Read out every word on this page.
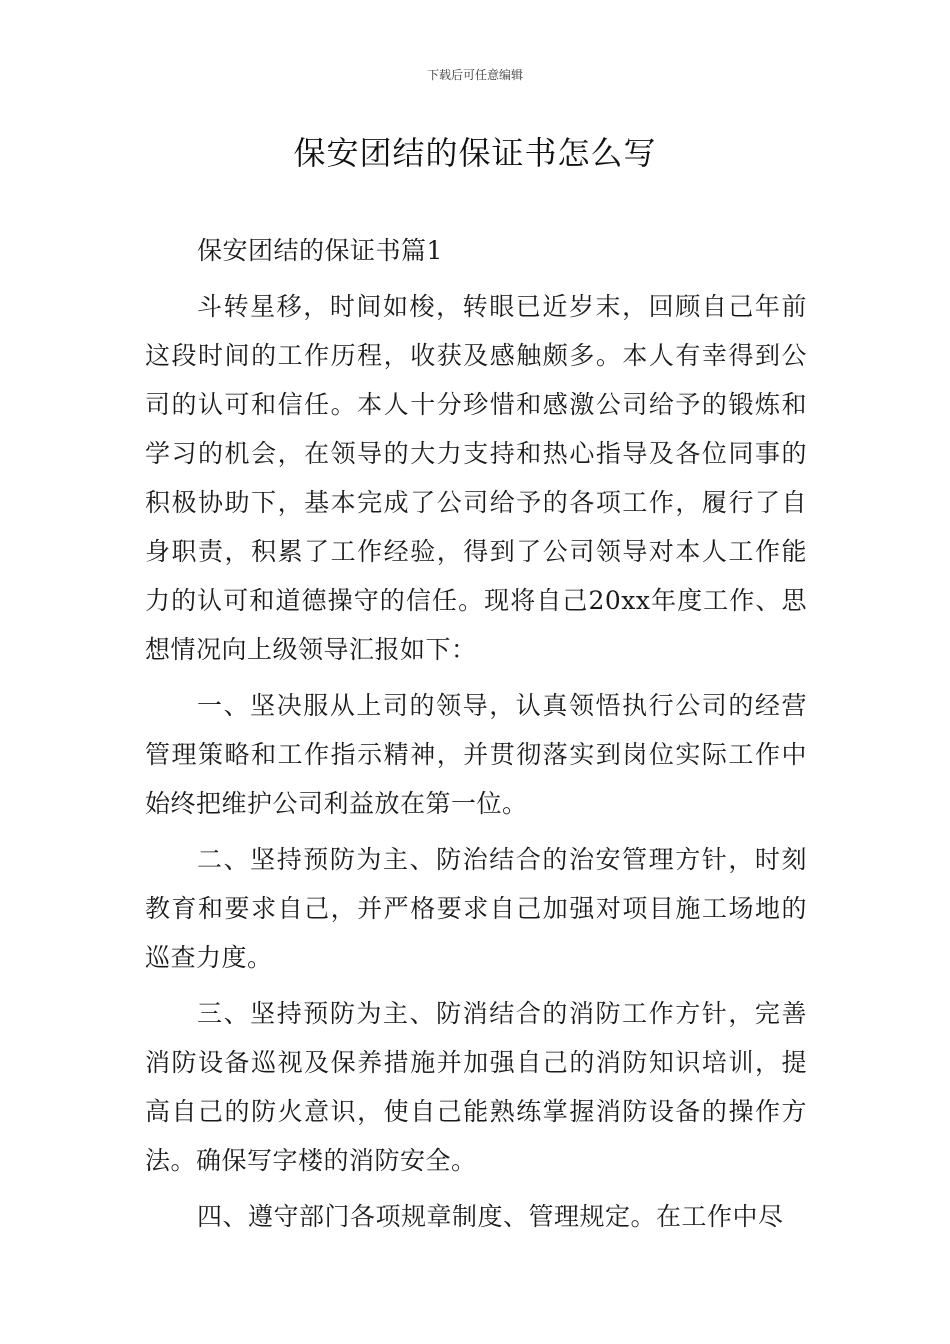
下载后可任意编辑
保安团结的保证书怎么写

保安团结的保证书篇1

斗转星移，时间如梭，转眼已近岁末，回顾自己年前这段时间的工作历程，收获及感触颇多。本人有幸得到公司的认可和信任。本人十分珍惜和感激公司给予的锻炼和学习的机会，在领导的大力支持和热心指导及各位同事的积极协助下，基本完成了公司给予的各项工作，履行了自身职责，积累了工作经验，得到了公司领导对本人工作能力的认可和道德操守的信任。现将自己20xx年度工作、思想情况向上级领导汇报如下：

一、坚决服从上司的领导，认真领悟执行公司的经营管理策略和工作指示精神，并贯彻落实到岗位实际工作中始终把维护公司利益放在第一位。

二、坚持预防为主、防治结合的治安管理方针，时刻教育和要求自己，并严格要求自己加强对项目施工场地的巡查力度。

三、坚持预防为主、防消结合的消防工作方针，完善消防设备巡视及保养措施并加强自己的消防知识培训，提高自己的防火意识，使自己能熟练掌握消防设备的操作方法。确保写字楼的消防安全。

四、遵守部门各项规章制度、管理规定。在工作中尽
